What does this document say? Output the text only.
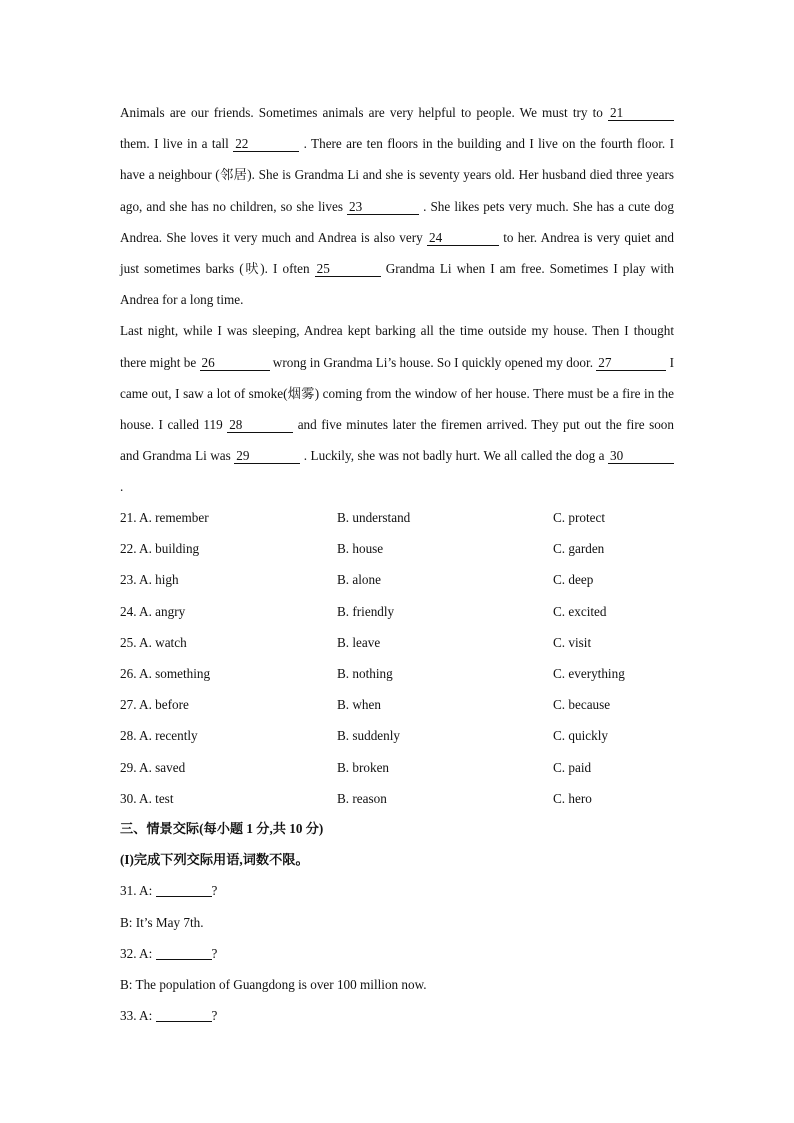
Animals are our friends. Sometimes animals are very helpful to people. We must try to 21 them. I live in a tall 22	. There are ten floors in the building and I live on the fourth floor. I have a neighbour (邻居). She is Grandma Li and she is seventy years old. Her husband died three years ago, and she has no children, so she lives 23	. She likes pets very much. She has a cute dog Andrea. She loves it very much and Andrea is also very 24	to her. Andrea is very quiet and just sometimes barks (吠). I often 25	Grandma Li when I am free. Sometimes I play with Andrea for a long time.

Last night, while I was sleeping, Andrea kept barking all the time outside my house. Then I thought there might be 26	wrong in Grandma Li’s house. So I quickly opened my door. 27	I came out, I saw a lot of smoke(烟雾) coming from the window of her house. There must be a fire in the house. I called 119 28	and five minutes later the firemen arrived. They put out the fire soon and Grandma Li was 29	. Luckily, she was not badly hurt. We all called the dog a 30 .

21. A. remember	B. understand	C. protect
22. A. building	B. house	C. garden
23. A. high	B. alone	C. deep
24. A. angry	B. friendly	C. excited
25. A. watch	B. leave	C. visit
26. A. something	B. nothing	C. everything
27. A. before	B. when	C. because
28. A. recently	B. suddenly	C. quickly
29. A. saved	B. broken	C. paid
30. A. test	B. reason	C. hero
三、情景交际(每小题 1 分,共 10 分)
(I)完成下列交际用语,词数不限。
31. A:	?
B: It’s May 7th.
32. A:	?
B: The population of Guangdong is over 100 million now.
33. A:	?
